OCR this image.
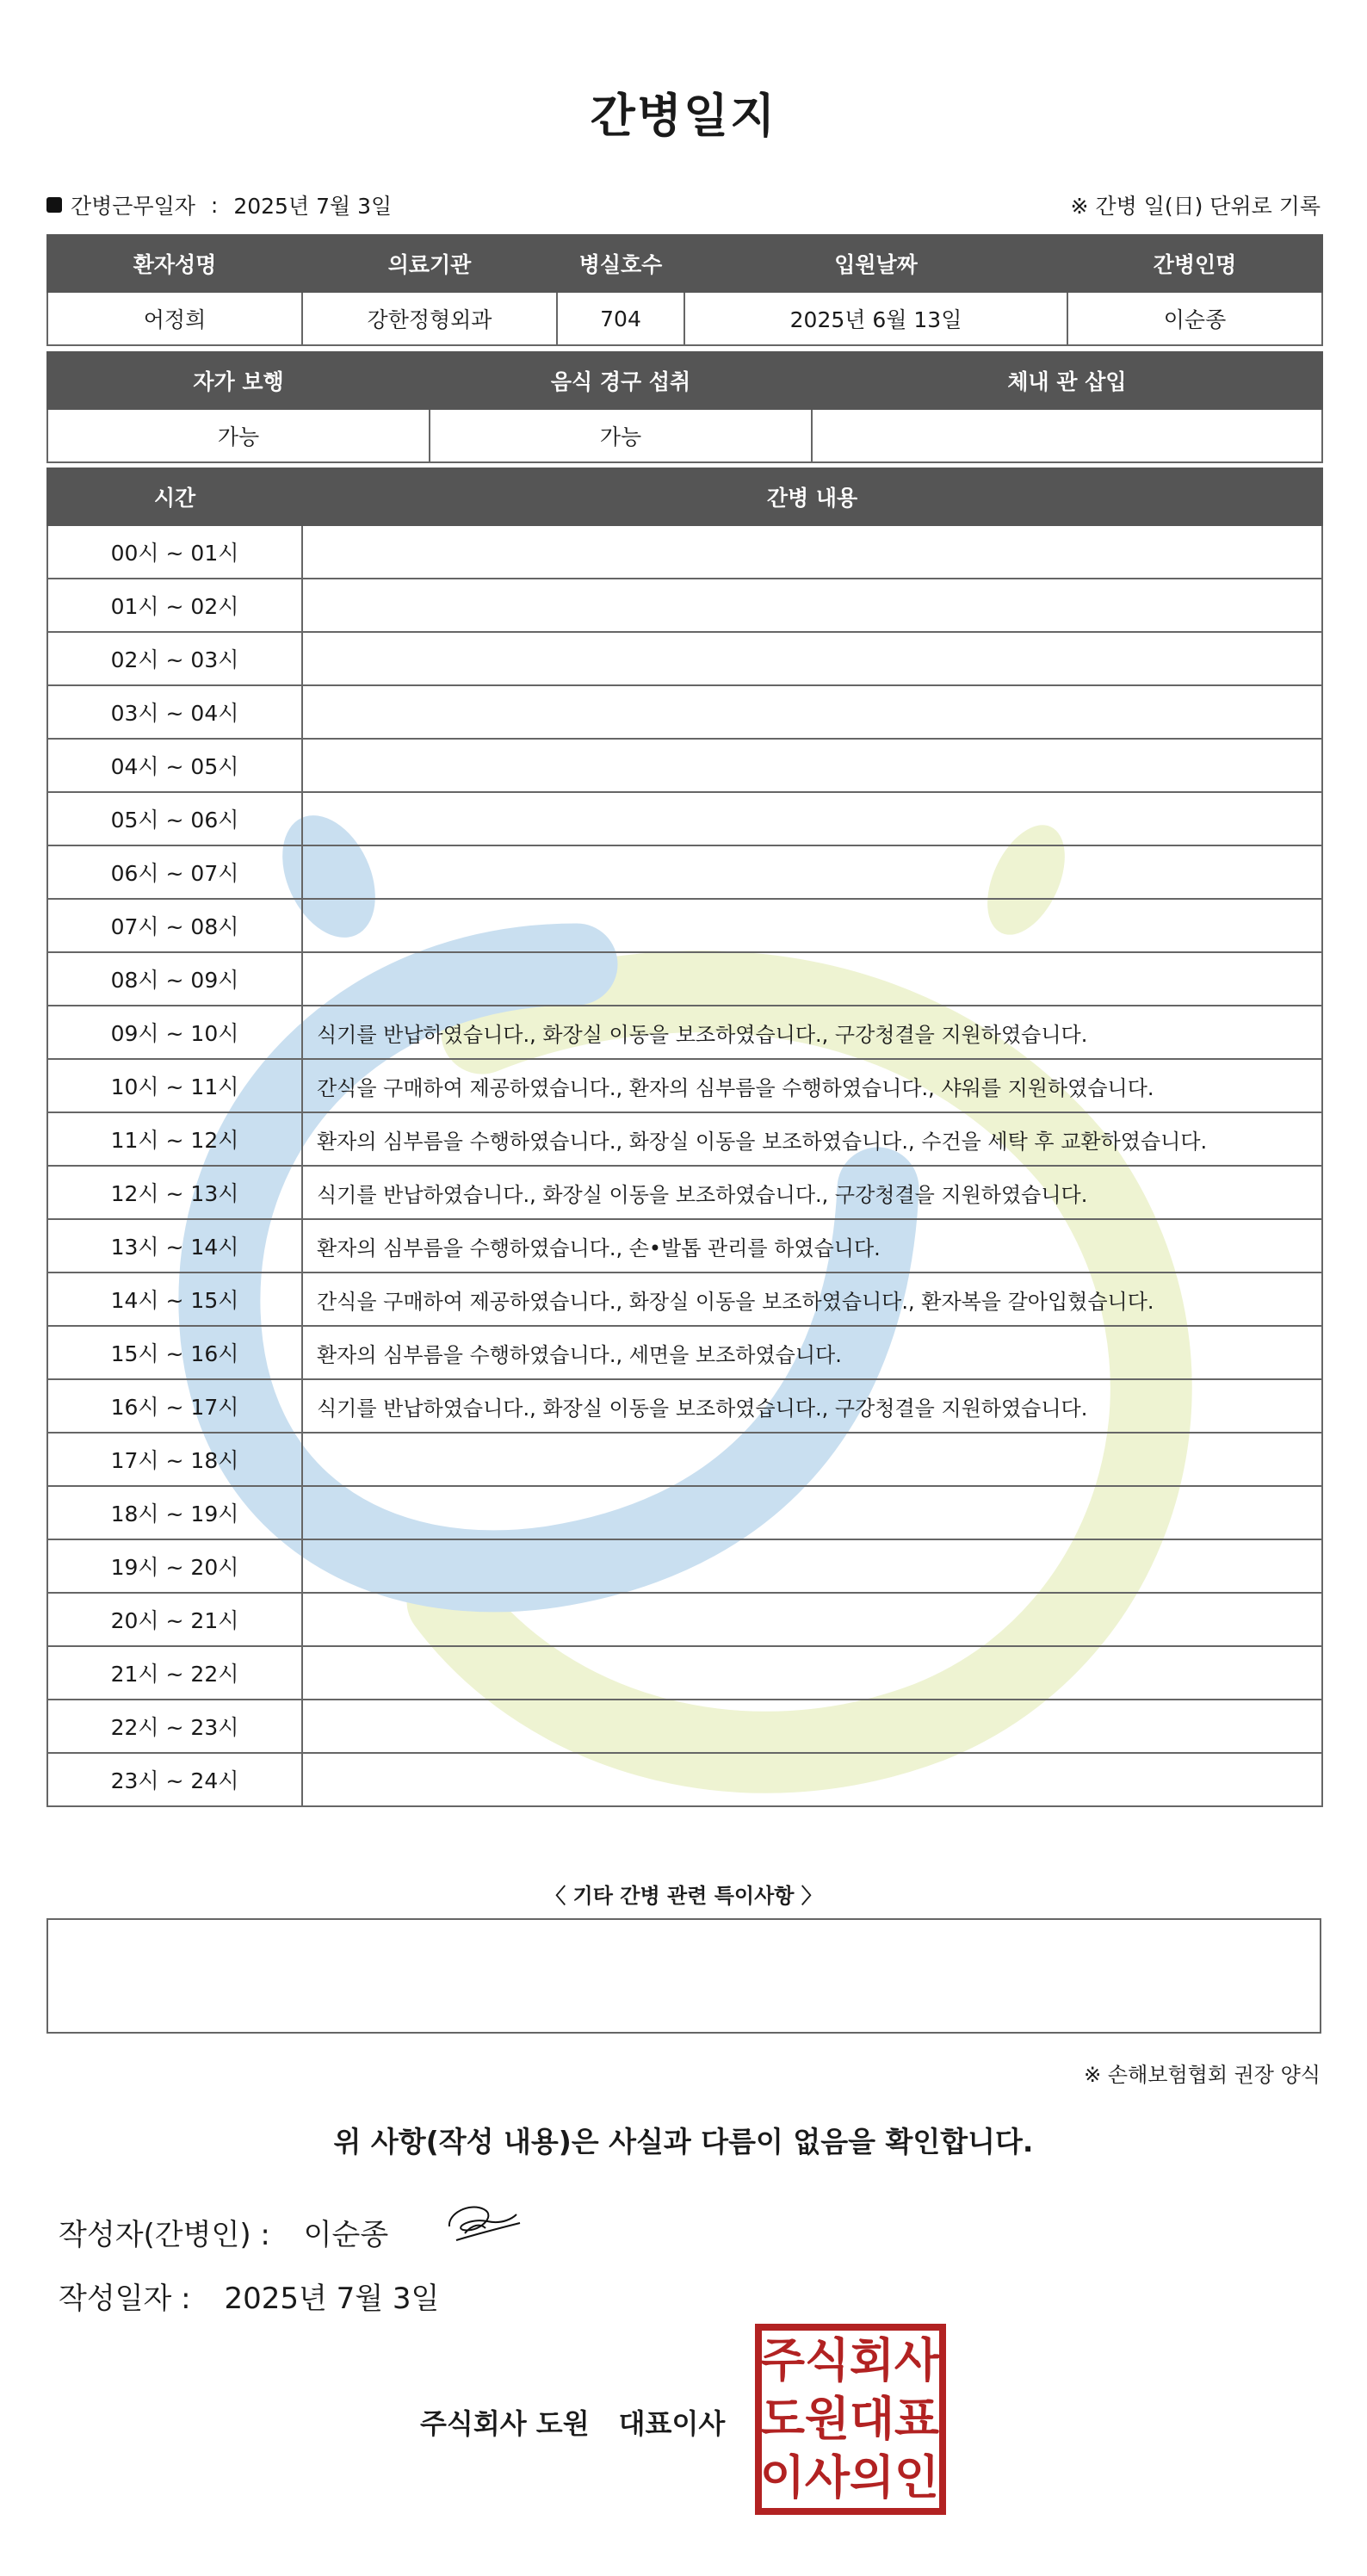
간병일지
간병근무일자 : 2025년 7월 3일	※ 간병 일(日) 단위로 기록
환자성명	의료기관	병실호수	입원날짜	간병인명
어정희	강한정형외과	704	2025년 6월 13일	이순종
자가 보행	음식 경구 섭취	체내 관 삽입
가능	가능	
시간	간병 내용
00시 ~ 01시	
01시 ~ 02시	
02시 ~ 03시	
03시 ~ 04시	
04시 ~ 05시	
05시 ~ 06시	
06시 ~ 07시	
07시 ~ 08시	
08시 ~ 09시	
09시 ~ 10시	식기를 반납하였습니다., 화장실 이동을 보조하였습니다., 구강청결을 지원하였습니다.
10시 ~ 11시	간식을 구매하여 제공하였습니다., 환자의 심부름을 수행하였습니다., 샤워를 지원하였습니다.
11시 ~ 12시	환자의 심부름을 수행하였습니다., 화장실 이동을 보조하였습니다., 수건을 세탁 후 교환하였습니다.
12시 ~ 13시	식기를 반납하였습니다., 화장실 이동을 보조하였습니다., 구강청결을 지원하였습니다.
13시 ~ 14시	환자의 심부름을 수행하였습니다., 손•발톱 관리를 하였습니다.
14시 ~ 15시	간식을 구매하여 제공하였습니다., 화장실 이동을 보조하였습니다., 환자복을 갈아입혔습니다.
15시 ~ 16시	환자의 심부름을 수행하였습니다., 세면을 보조하였습니다.
16시 ~ 17시	식기를 반납하였습니다., 화장실 이동을 보조하였습니다., 구강청결을 지원하였습니다.
17시 ~ 18시	
18시 ~ 19시	
19시 ~ 20시	
20시 ~ 21시	
21시 ~ 22시	
22시 ~ 23시	
23시 ~ 24시	
〈 기타 간병 관련 특이사항 〉
※ 손해보험협회 권장 양식
위 사항(작성 내용)은 사실과 다름이 없음을 확인합니다.
작성자(간병인) : 이순종
작성일자 : 2025년 7월 3일
주식회사 도원 대표이사
주 식 회 사
도 원 대 표
이 사 의 인
